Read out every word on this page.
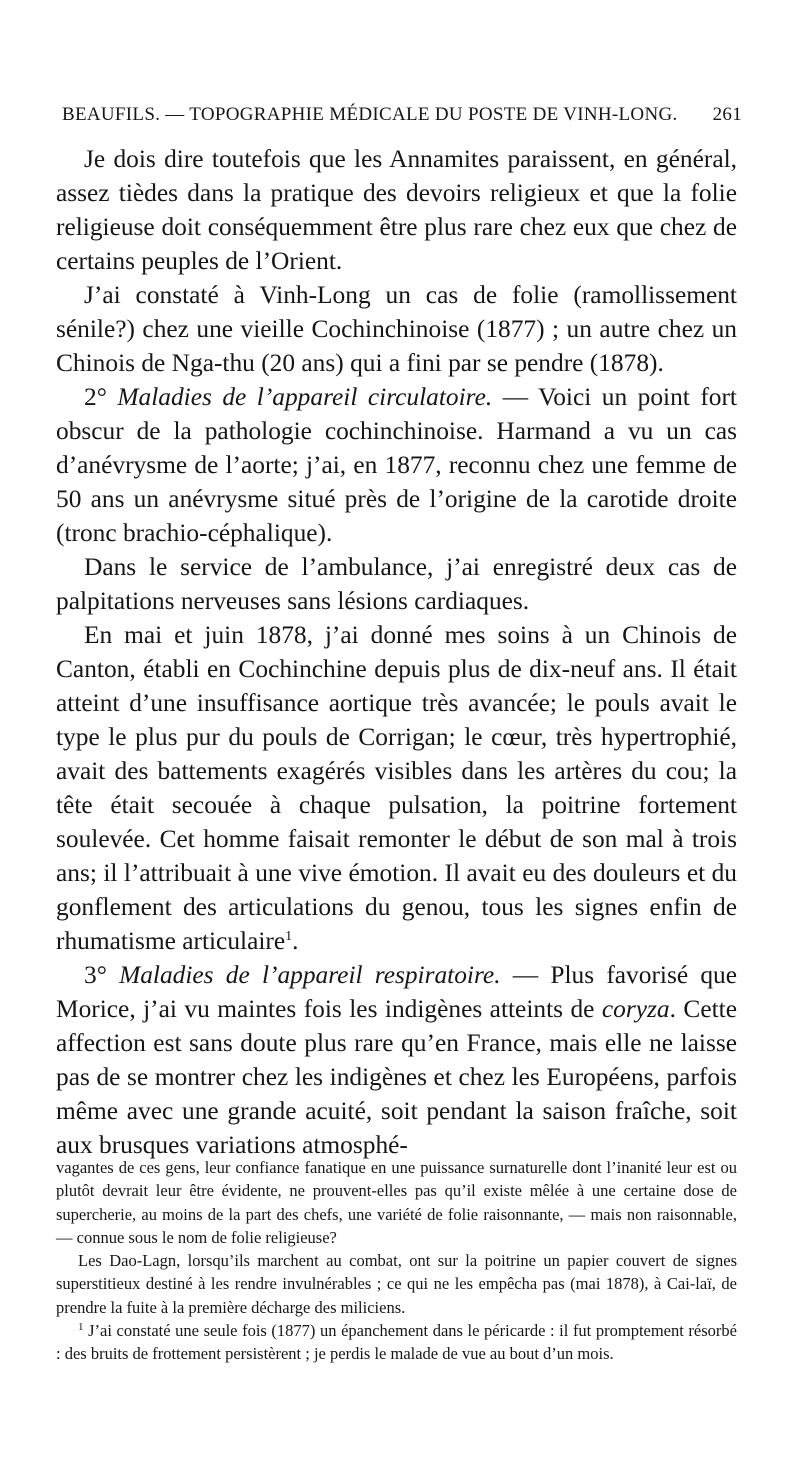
BEAUFILS. — TOPOGRAPHIE MÉDICALE DU POSTE DE VINH-LONG. 261

Je dois dire toutefois que les Annamites paraissent, en général, assez tièdes dans la pratique des devoirs religieux et que la folie religieuse doit conséquemment être plus rare chez eux que chez de certains peuples de l’Orient.

J’ai constaté à Vinh-Long un cas de folie (ramollissement sénile?) chez une vieille Cochinchinoise (1877) ; un autre chez un Chinois de Nga-thu (20 ans) qui a fini par se pendre (1878).

2° Maladies de l’appareil circulatoire. — Voici un point fort obscur de la pathologie cochinchinoise. Harmand a vu un cas d’anévrysme de l’aorte; j’ai, en 1877, reconnu chez une femme de 50 ans un anévrysme situé près de l’origine de la carotide droite (tronc brachio-céphalique).

Dans le service de l’ambulance, j’ai enregistré deux cas de palpitations nerveuses sans lésions cardiaques.

En mai et juin 1878, j’ai donné mes soins à un Chinois de Canton, établi en Cochinchine depuis plus de dix-neuf ans. Il était atteint d’une insuffisance aortique très avancée; le pouls avait le type le plus pur du pouls de Corrigan; le cœur, très hypertrophié, avait des battements exagérés visibles dans les artères du cou; la tête était secouée à chaque pulsation, la poitrine fortement soulevée. Cet homme faisait remonter le début de son mal à trois ans; il l’attribuait à une vive émotion. Il avait eu des douleurs et du gonflement des articulations du genou, tous les signes enfin de rhumatisme articulaire$^1$.

3° Maladies de l’appareil respiratoire. — Plus favorisé que Morice, j’ai vu maintes fois les indigènes atteints de coryza. Cette affection est sans doute plus rare qu’en France, mais elle ne laisse pas de se montrer chez les indigènes et chez les Européens, parfois même avec une grande acuité, soit pendant la saison fraîche, soit aux brusques variations atmosphé-

vagantes de ces gens, leur confiance fanatique en une puissance surnaturelle dont l’inanité leur est ou plutôt devrait leur être évidente, ne prouvent-elles pas qu’il existe mêlée à une certaine dose de supercherie, au moins de la part des chefs, une variété de folie raisonnante, — mais non raisonnable, — connue sous le nom de folie religieuse?

Les Dao-Lagn, lorsqu’ils marchent au combat, ont sur la poitrine un papier couvert de signes superstitieux destiné à les rendre invulnérables ; ce qui ne les empêcha pas (mai 1878), à Cai-laï, de prendre la fuite à la première décharge des miliciens.

$^1$ J’ai constaté une seule fois (1877) un épanchement dans le péricarde : il fut promptement résorbé : des bruits de frottement persistèrent ; je perdis le malade de vue au bout d’un mois.
